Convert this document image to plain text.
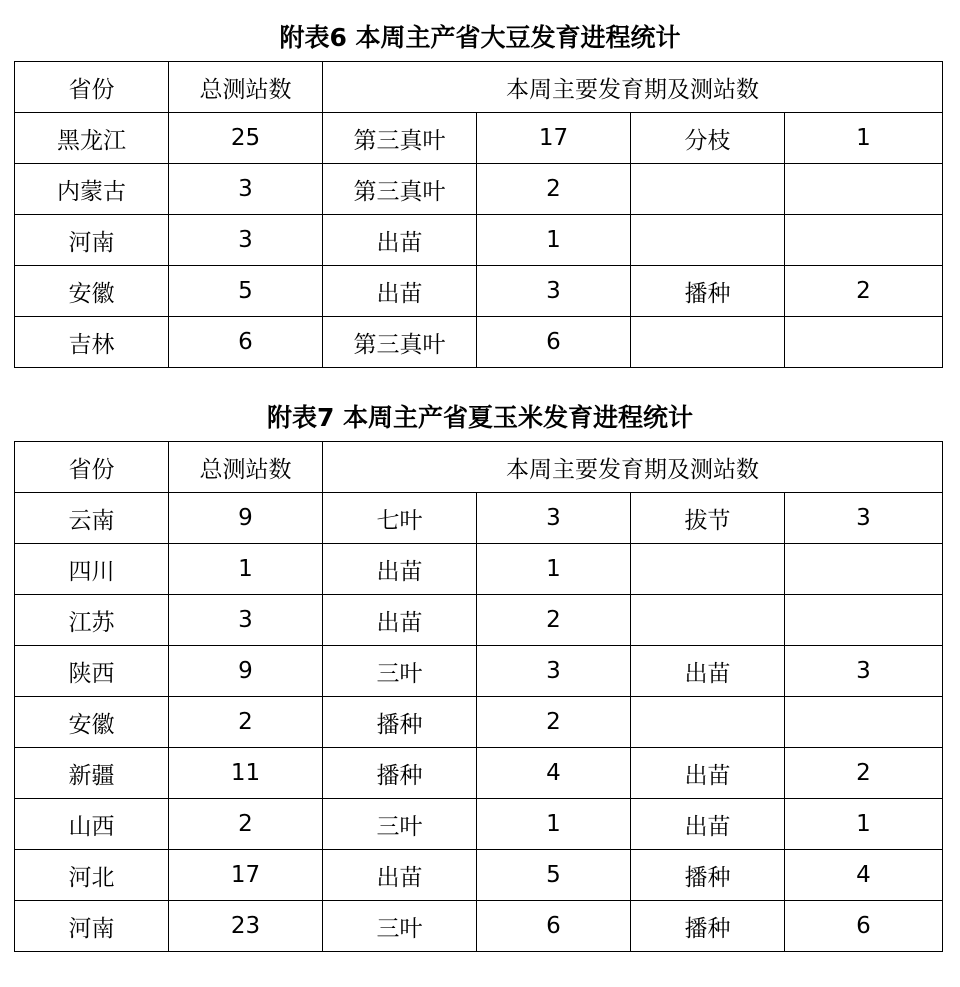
附表6 本周主产省大豆发育进程统计
省份	总测站数	本周主要发育期及测站数			
黑龙江	25	第三真叶	17	分枝	1
内蒙古	3	第三真叶	2		
河南	3	出苗	1		
安徽	5	出苗	3	播种	2
吉林	6	第三真叶	6		
附表7 本周主产省夏玉米发育进程统计
省份	总测站数	本周主要发育期及测站数			
云南	9	七叶	3	拔节	3
四川	1	出苗	1		
江苏	3	出苗	2		
陕西	9	三叶	3	出苗	3
安徽	2	播种	2		
新疆	11	播种	4	出苗	2
山西	2	三叶	1	出苗	1
河北	17	出苗	5	播种	4
河南	23	三叶	6	播种	6
